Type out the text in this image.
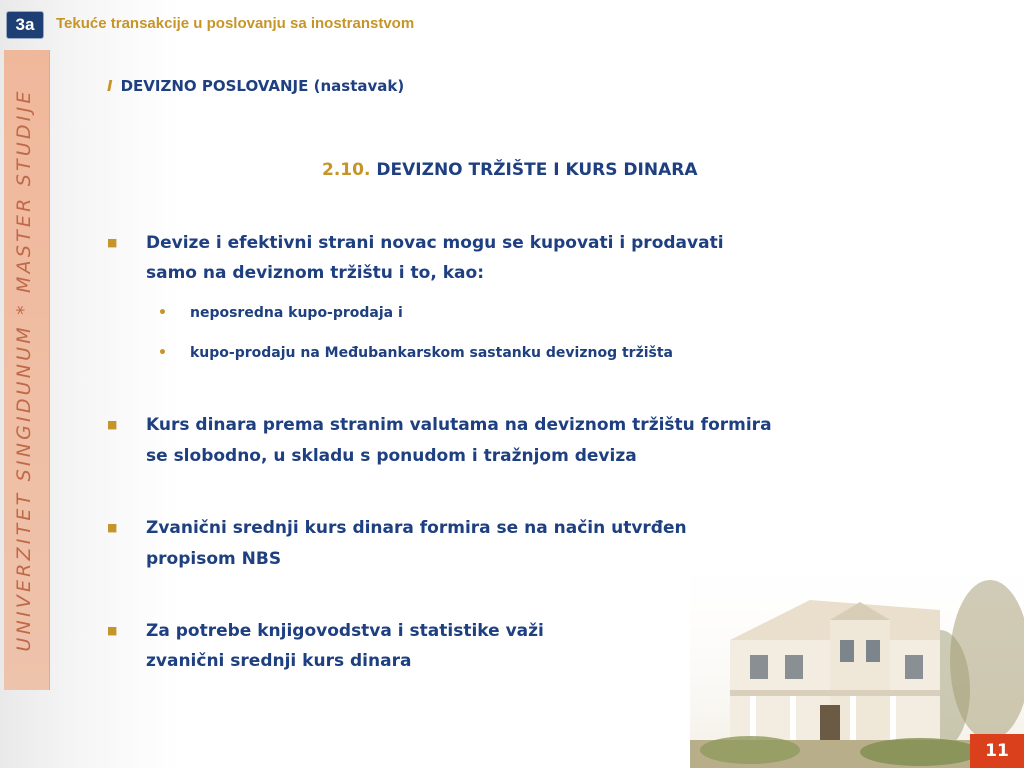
UNIVERZITET SINGIDUNUM * MASTER STUDIJE
3a	Tekuće transakcije u poslovanju sa inostranstvom
I DEVIZNO POSLOVANJE (nastavak)
2.10. DEVIZNO TRŽIŠTE I KURS DINARA
■ Devize i efektivni strani novac mogu se kupovati i prodavati
samo na deviznom tržištu i to, kao:
• neposredna kupo-prodaja i
• kupo-prodaju na Međubankarskom sastanku deviznog tržišta
■ Kurs dinara prema stranim valutama na deviznom tržištu formira
se slobodno, u skladu s ponudom i tražnjom deviza
■ Zvanični srednji kurs dinara formira se na način utvrđen
propisom NBS
■ Za potrebe knjigovodstva i statistike važi
zvanični srednji kurs dinara
11
